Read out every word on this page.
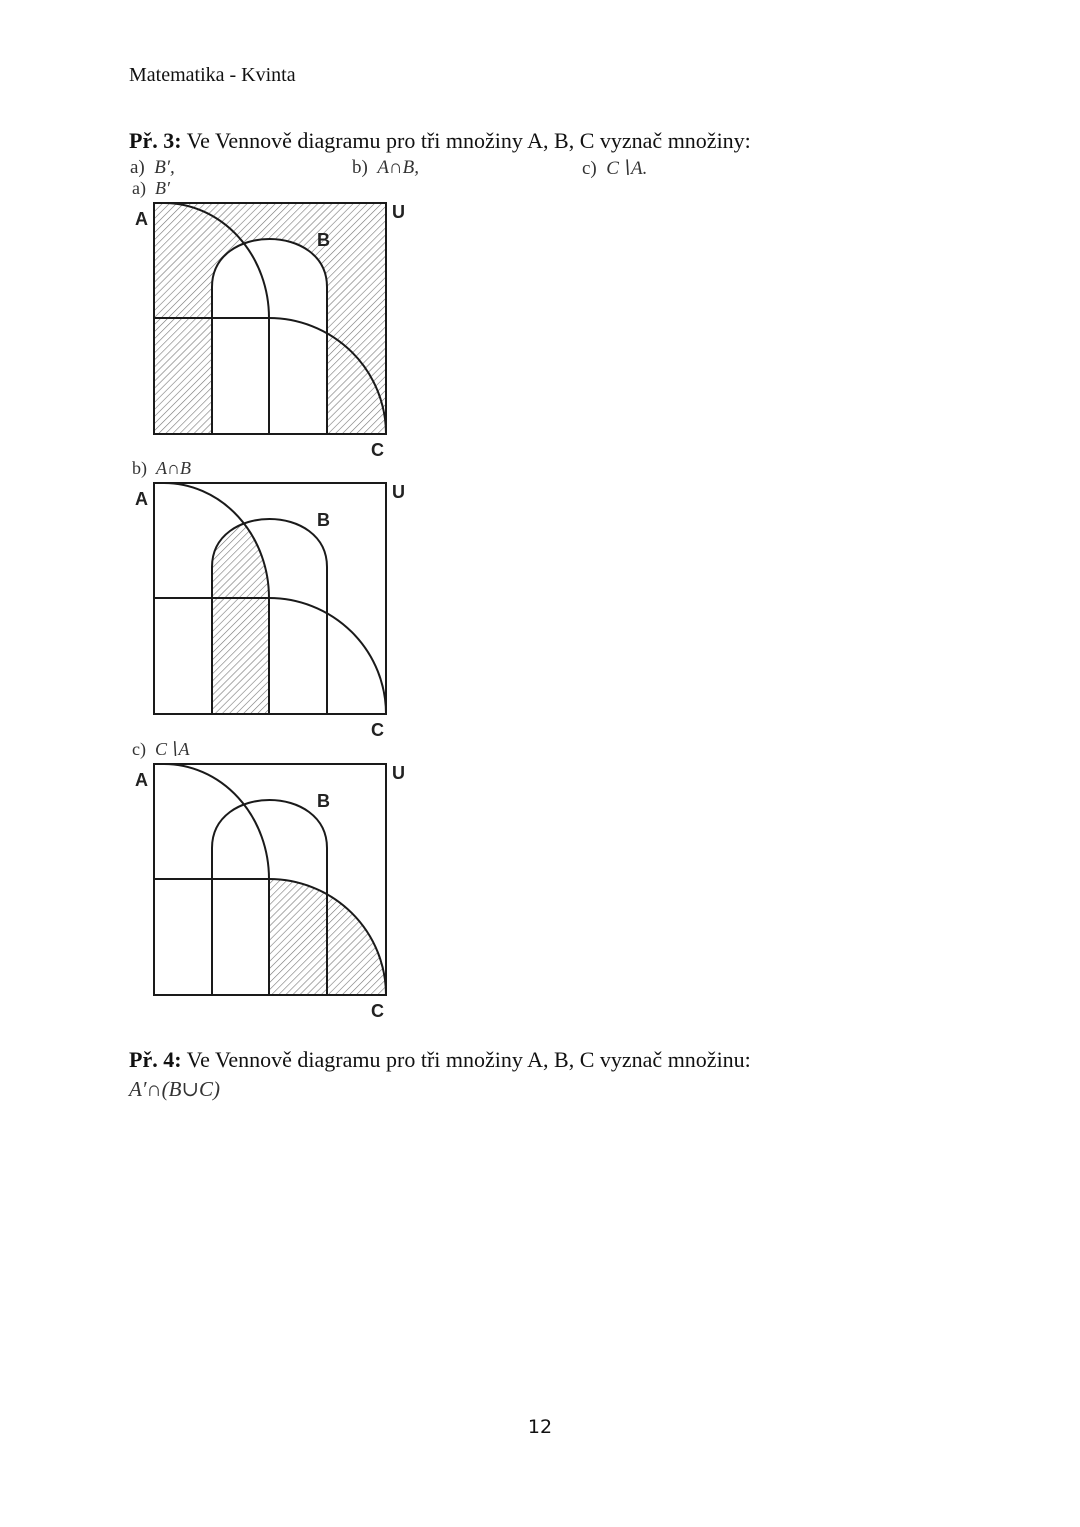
Matematika - Kvinta
Př. 3: Ve Vennově diagramu pro tři množiny A, B, C vyznač množiny:
a) B′,	b) A∩B,	c) C∖A.
a) B′
b) A∩B
c) C∖A
A
B
U
C
A
B
U
C
A
B
U
C
Př. 4: Ve Vennově diagramu pro tři množiny A, B, C vyznač množinu:
A′∩(B∪C)
12
